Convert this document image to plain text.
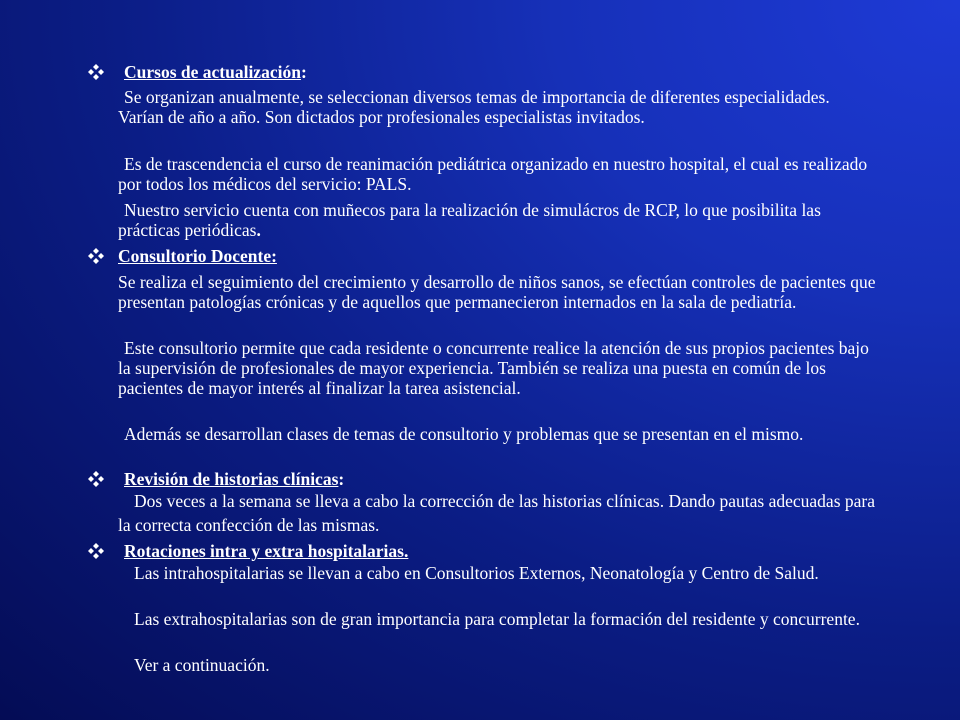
Cursos de actualización:
Se organizan anualmente, se seleccionan diversos temas de importancia de diferentes especialidades. Varían de año a año. Son dictados por profesionales especialistas invitados.
Es de trascendencia el curso de reanimación pediátrica organizado en nuestro hospital, el cual es realizado por todos los médicos del servicio: PALS.
Nuestro servicio cuenta con muñecos para la realización de simulácros de RCP, lo que posibilita las prácticas periódicas.
Consultorio Docente:
Se realiza el seguimiento del crecimiento y desarrollo de niños sanos, se efectúan controles de pacientes que presentan patologías crónicas y de aquellos que permanecieron internados en la sala de pediatría.
Este consultorio permite que cada residente o concurrente realice la atención de sus propios pacientes bajo la supervisión de profesionales de mayor experiencia. También se realiza una puesta en común de los pacientes de mayor interés al finalizar la tarea asistencial.
Además se desarrollan clases de temas de consultorio y problemas que se presentan en el mismo.
Revisión de historias clínicas:
Dos veces a la semana se lleva a cabo la corrección de las historias clínicas. Dando pautas adecuadas para la correcta confección de las mismas.
Rotaciones intra y extra hospitalarias.
Las intrahospitalarias se llevan a cabo en Consultorios Externos, Neonatología y Centro de Salud.
Las extrahospitalarias son de gran importancia para completar la formación del residente y concurrente.
Ver a continuación.
